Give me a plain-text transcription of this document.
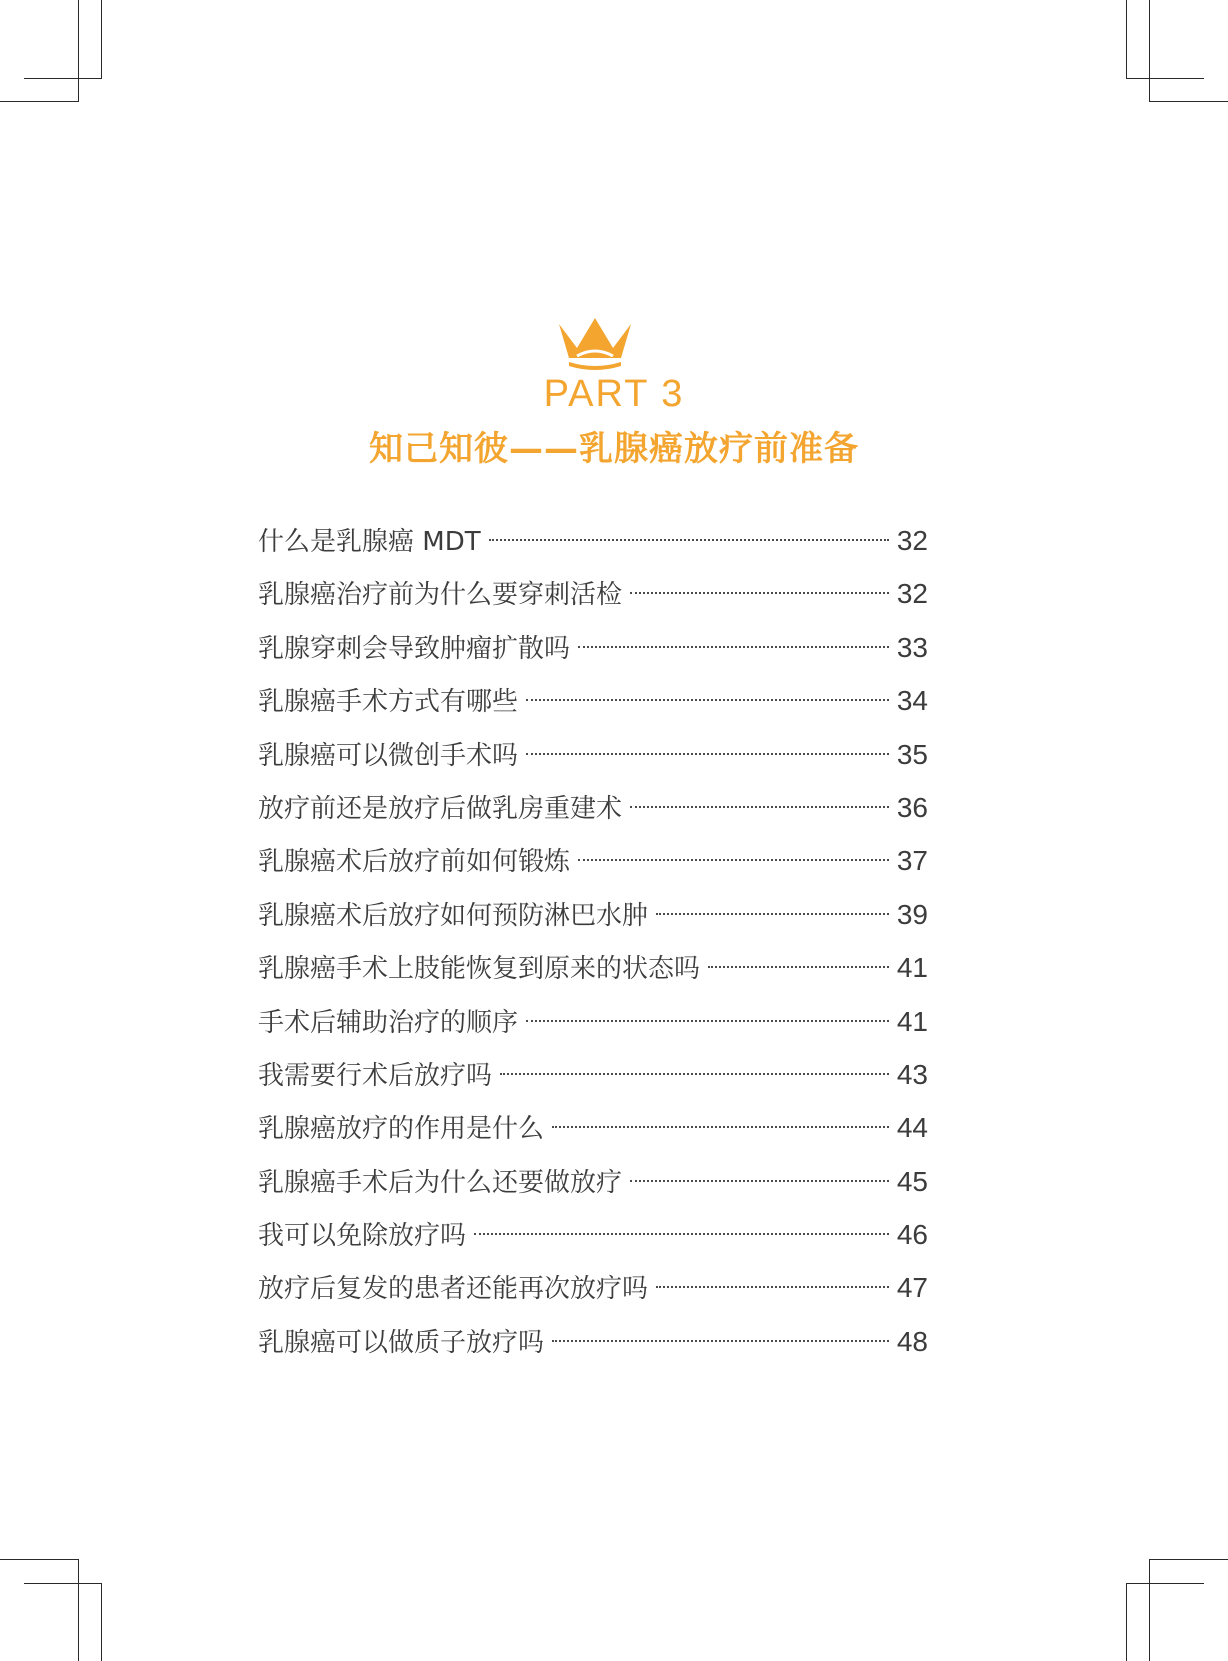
PART 3
知己知彼——乳腺癌放疗前准备
什么是乳腺癌 MDT	32
乳腺癌治疗前为什么要穿刺活检	32
乳腺穿刺会导致肿瘤扩散吗	33
乳腺癌手术方式有哪些	34
乳腺癌可以微创手术吗	35
放疗前还是放疗后做乳房重建术	36
乳腺癌术后放疗前如何锻炼	37
乳腺癌术后放疗如何预防淋巴水肿	39
乳腺癌手术上肢能恢复到原来的状态吗	41
手术后辅助治疗的顺序	41
我需要行术后放疗吗	43
乳腺癌放疗的作用是什么	44
乳腺癌手术后为什么还要做放疗	45
我可以免除放疗吗	46
放疗后复发的患者还能再次放疗吗	47
乳腺癌可以做质子放疗吗	48
